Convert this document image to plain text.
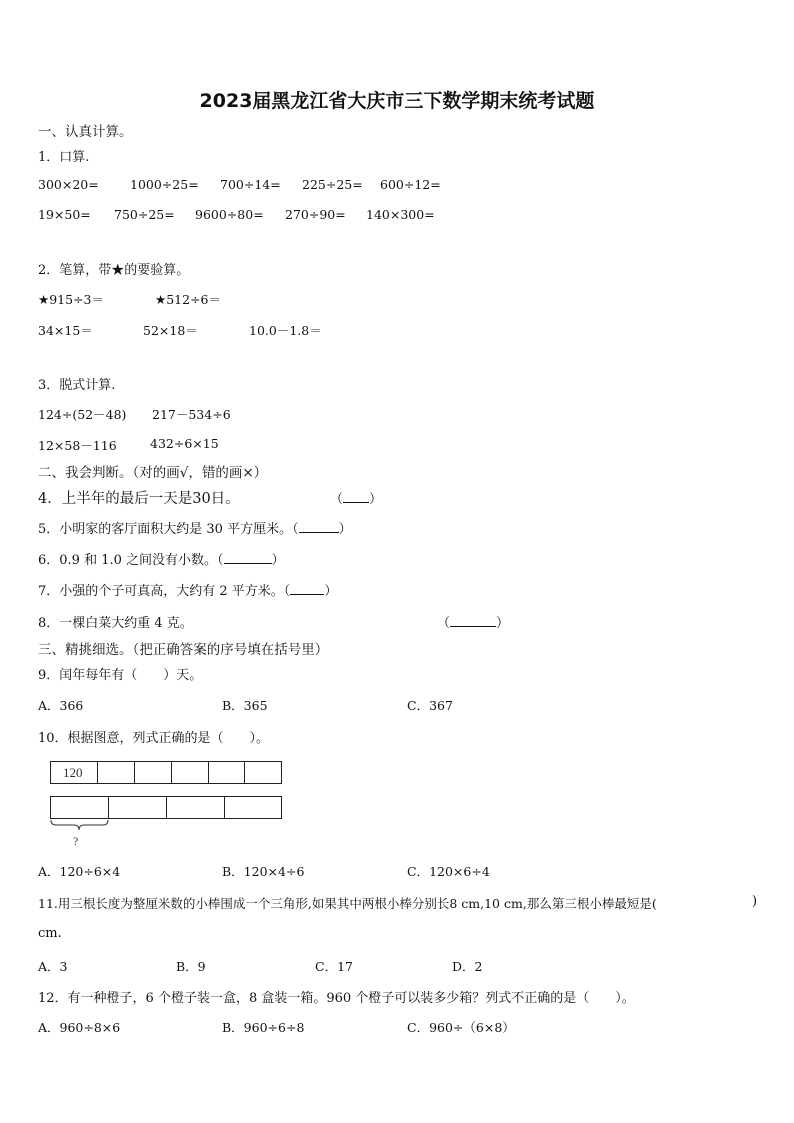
2023届黑龙江省大庆市三下数学期末统考试题
一、认真计算。
1．口算.
300×20=	1000÷25= 700÷14= 225÷25= 600÷12=
19×50= 750÷25= 9600÷80= 270÷90= 140×300=
2．笔算，带★的要验算。
★915÷3＝	★512÷6＝
34×15＝	52×18＝	10.0－1.8＝
3．脱式计算.
124÷(52－48) 217－534÷6
12×58－116	432÷6×15
二、我会判断。（对的画√，错的画×）
4．上半年的最后一天是30日。	（ ）
5．小明家的客厅面积大约是 30 平方厘米。（	）
6．0.9 和 1.0 之间没有小数。（	）
7．小强的个子可真高，大约有 2 平方米。（	）
8．一棵白菜大约重 4 克。	（	）
三、精挑细选。（把正确答案的序号填在括号里）
9．闰年每年有（　　）天。
A．366	B．365	C．367
10．根据图意，列式正确的是（　　）。
120
?
A．120÷6×4	B．120×4÷6	C．120×6÷4
11.用三根长度为整厘米数的小棒围成一个三角形,如果其中两根小棒分别长8 cm,10 cm,那么第三根小棒最短是(	)
cm.
A．3	B．9	C．17	D．2
12．有一种橙子，6 个橙子装一盒，8 盒装一箱。960 个橙子可以装多少箱？列式不正确的是（　　）。
A．960÷8×6	B．960÷6÷8	C．960÷（6×8）
